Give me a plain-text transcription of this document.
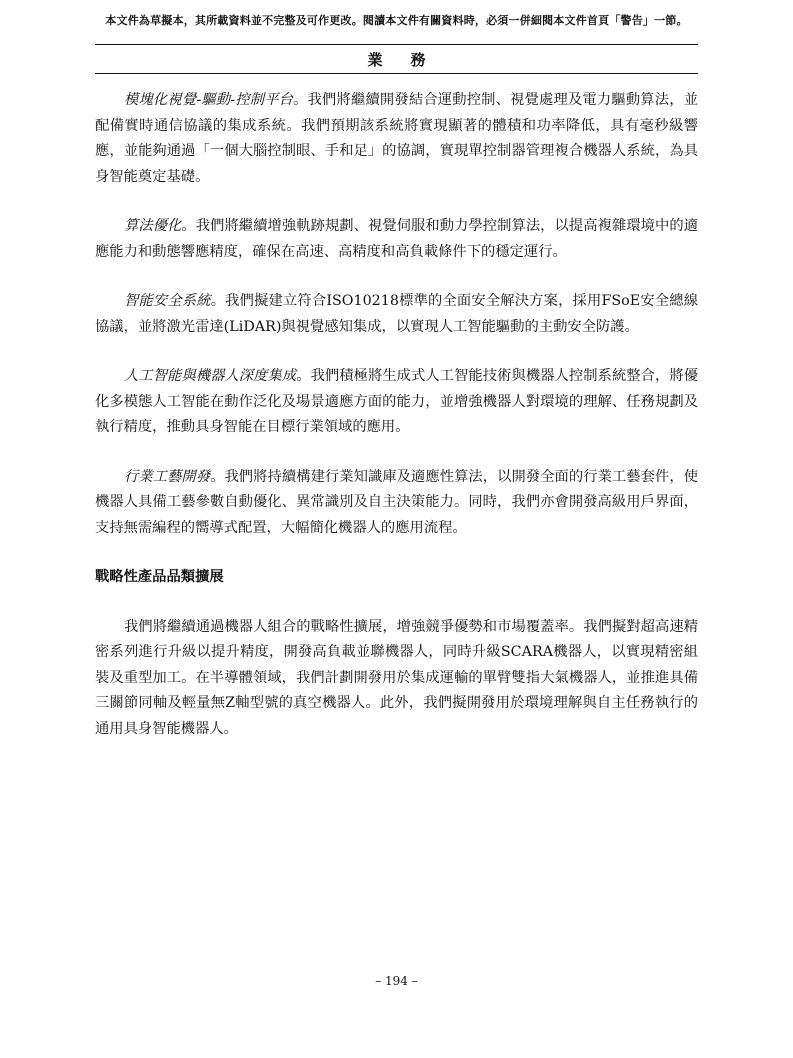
本文件為草擬本，其所載資料並不完整及可作更改。閱讀本文件有關資料時，必須一併細閱本文件首頁「警告」一節。
業務

模塊化視覺-驅動-控制平台。我們將繼續開發結合運動控制、視覺處理及電力驅動算法，並配備實時通信協議的集成系統。我們預期該系統將實現顯著的體積和功率降低，具有毫秒級響應，並能夠通過「一個大腦控制眼、手和足」的協調，實現單控制器管理複合機器人系統，為具身智能奠定基礎。

算法優化。我們將繼續增強軌跡規劃、視覺伺服和動力學控制算法，以提高複雜環境中的適應能力和動態響應精度，確保在高速、高精度和高負載條件下的穩定運行。

智能安全系統。我們擬建立符合ISO10218標準的全面安全解決方案，採用FSoE安全總線協議，並將激光雷達(LiDAR)與視覺感知集成，以實現人工智能驅動的主動安全防護。

人工智能與機器人深度集成。我們積極將生成式人工智能技術與機器人控制系統整合，將優化多模態人工智能在動作泛化及場景適應方面的能力，並增強機器人對環境的理解、任務規劃及執行精度，推動具身智能在目標行業領域的應用。

行業工藝開發。我們將持續構建行業知識庫及適應性算法，以開發全面的行業工藝套件，使機器人具備工藝參數自動優化、異常識別及自主決策能力。同時，我們亦會開發高級用戶界面，支持無需編程的嚮導式配置，大幅簡化機器人的應用流程。

戰略性產品品類擴展

我們將繼續通過機器人組合的戰略性擴展，增強競爭優勢和市場覆蓋率。我們擬對超高速精密系列進行升級以提升精度，開發高負載並聯機器人，同時升級SCARA機器人，以實現精密組裝及重型加工。在半導體領域，我們計劃開發用於集成運輸的單臂雙指大氣機器人，並推進具備三關節同軸及輕量無Z軸型號的真空機器人。此外，我們擬開發用於環境理解與自主任務執行的通用具身智能機器人。

– 194 –
